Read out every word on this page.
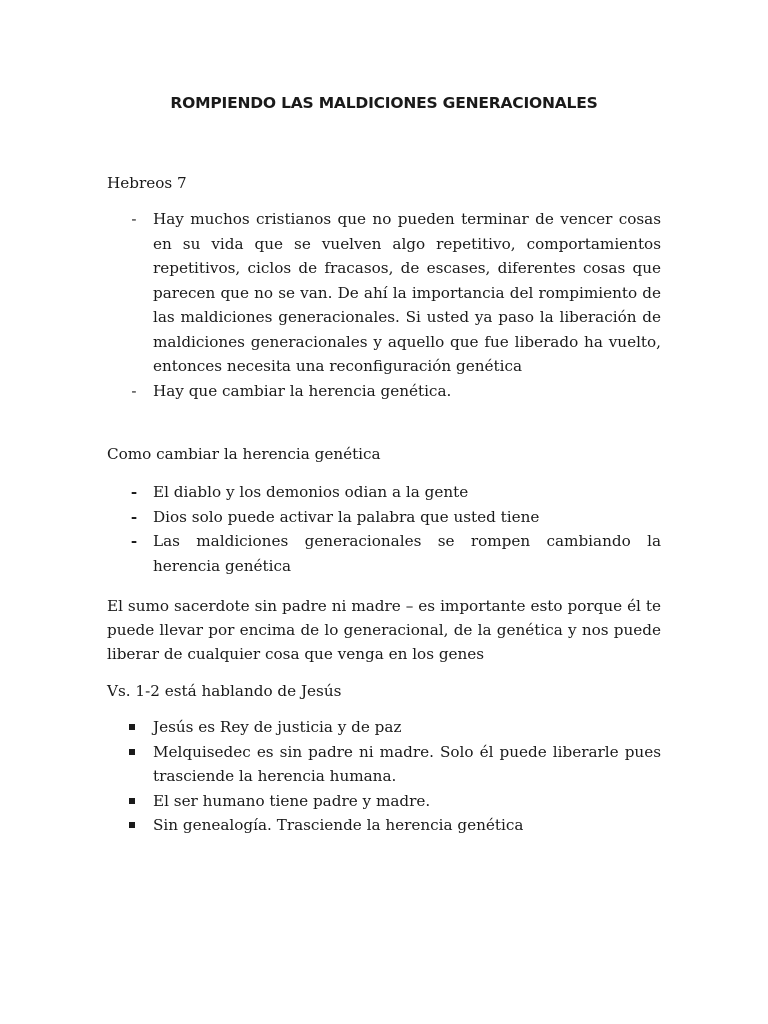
ROMPIENDO LAS MALDICIONES GENERACIONALES

Hebreos 7

- Hay muchos cristianos que no pueden terminar de vencer cosas en su vida que se vuelven algo repetitivo, comportamientos repetitivos, ciclos de fracasos, de escases, diferentes cosas que parecen que no se van. De ahí la importancia del rompimiento de las maldiciones generacionales. Si usted ya paso la liberación de maldiciones generacionales y aquello que fue liberado ha vuelto, entonces necesita una reconfiguración genética
- Hay que cambiar la herencia genética.

Como cambiar la herencia genética

- El diablo y los demonios odian a la gente
- Dios solo puede activar la palabra que usted tiene
- Las maldiciones generacionales se rompen cambiando la herencia genética

El sumo sacerdote sin padre ni madre – es importante esto porque él te puede llevar por encima de lo generacional, de la genética y nos puede liberar de cualquier cosa que venga en los genes

Vs. 1-2 está hablando de Jesús

Jesús es Rey de justicia y de paz
Melquisedec es sin padre ni madre. Solo él puede liberarle pues trasciende la herencia humana.
El ser humano tiene padre y madre.
Sin genealogía. Trasciende la herencia genética
